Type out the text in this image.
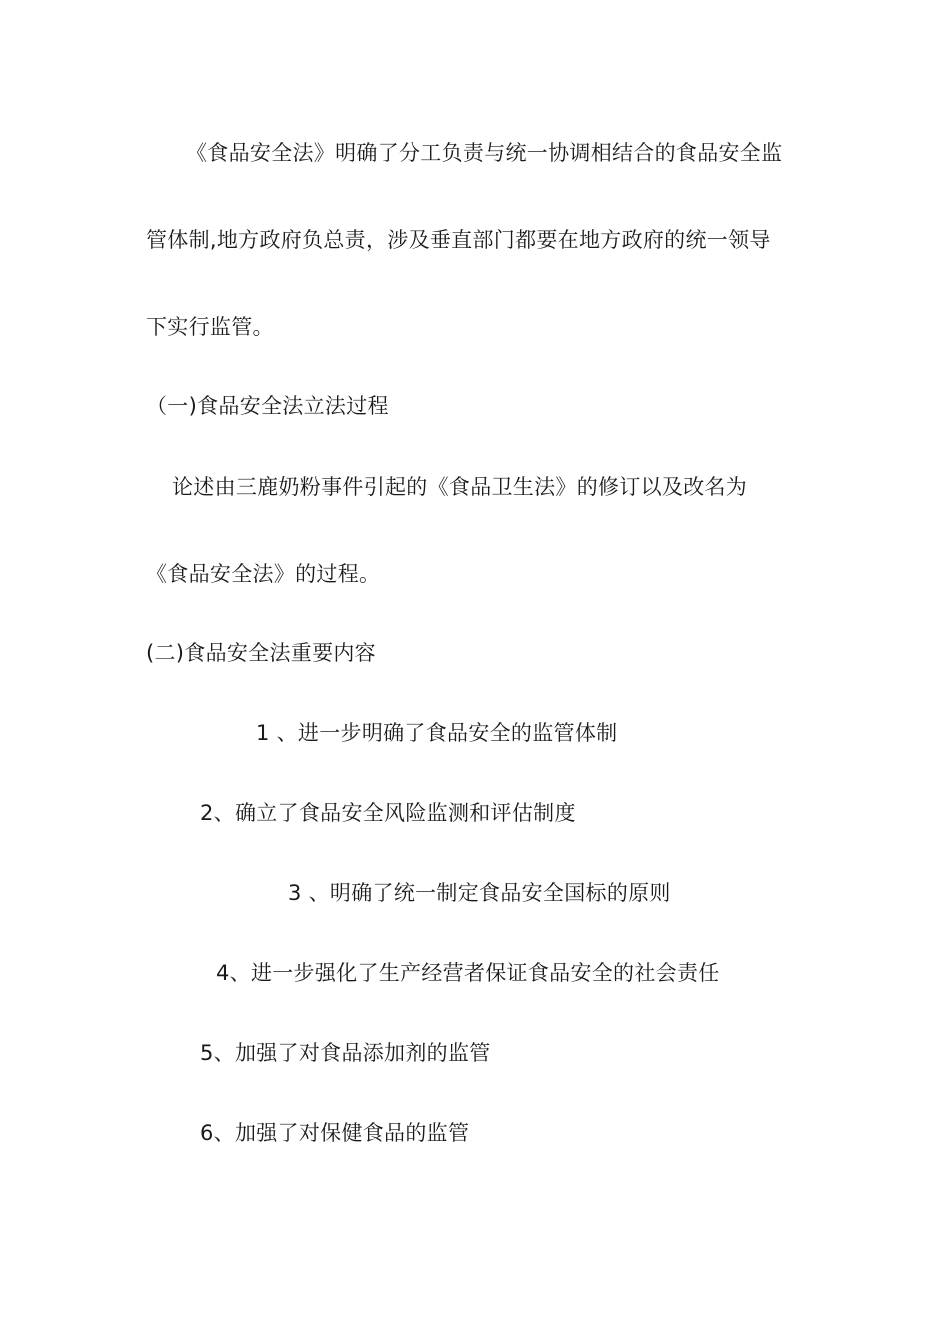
《食品安全法》明确了分工负责与统一协调相结合的食品安全监
管体制,地方政府负总责，涉及垂直部门都要在地方政府的统一领导
下实行监管。
（一)食品安全法立法过程
论述由三鹿奶粉事件引起的《食品卫生法》的修订以及改名为
《食品安全法》的过程。
(二)食品安全法重要内容
1 、进一步明确了食品安全的监管体制
2、确立了食品安全风险监测和评估制度
3 、明确了统一制定食品安全国标的原则
4、进一步强化了生产经营者保证食品安全的社会责任
5、加强了对食品添加剂的监管
6、加强了对保健食品的监管
